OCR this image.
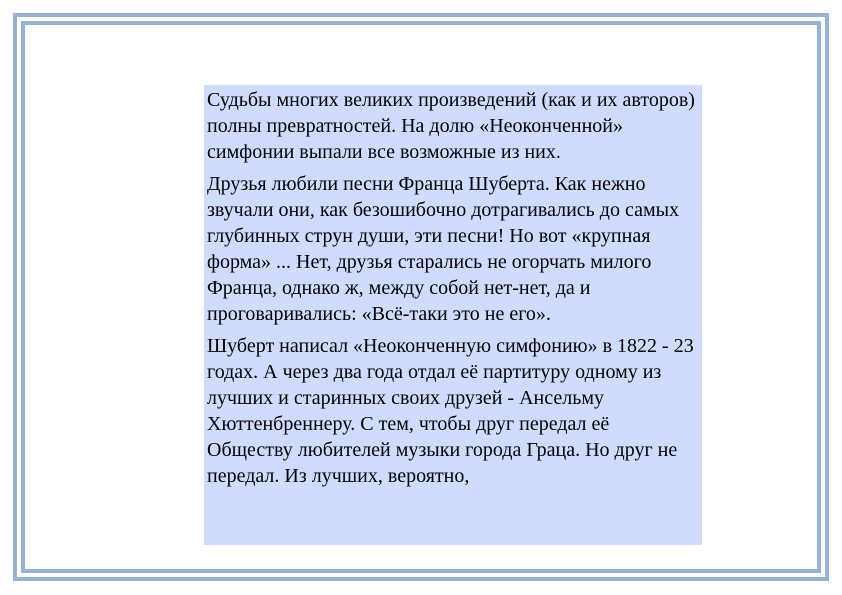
Судьбы многих великих произведений (как и их авторов) полны превратностей. На долю «Неоконченной» симфонии выпали все возможные из них.

Друзья любили песни Франца Шуберта. Как нежно звучали они, как безошибочно дотрагивались до самых глубинных струн души, эти песни! Но вот «крупная форма» ... Нет, друзья старались не огорчать милого Франца, однако ж, между собой нет-нет, да и проговаривались: «Всё-таки это не его».

Шуберт написал «Неоконченную симфонию» в 1822 - 23 годах. А через два года отдал её партитуру одному из лучших и старинных своих друзей - Ансельму Хюттенбреннеру. С тем, чтобы друг передал её Обществу любителей музыки города Граца. Но друг не передал. Из лучших, вероятно,
